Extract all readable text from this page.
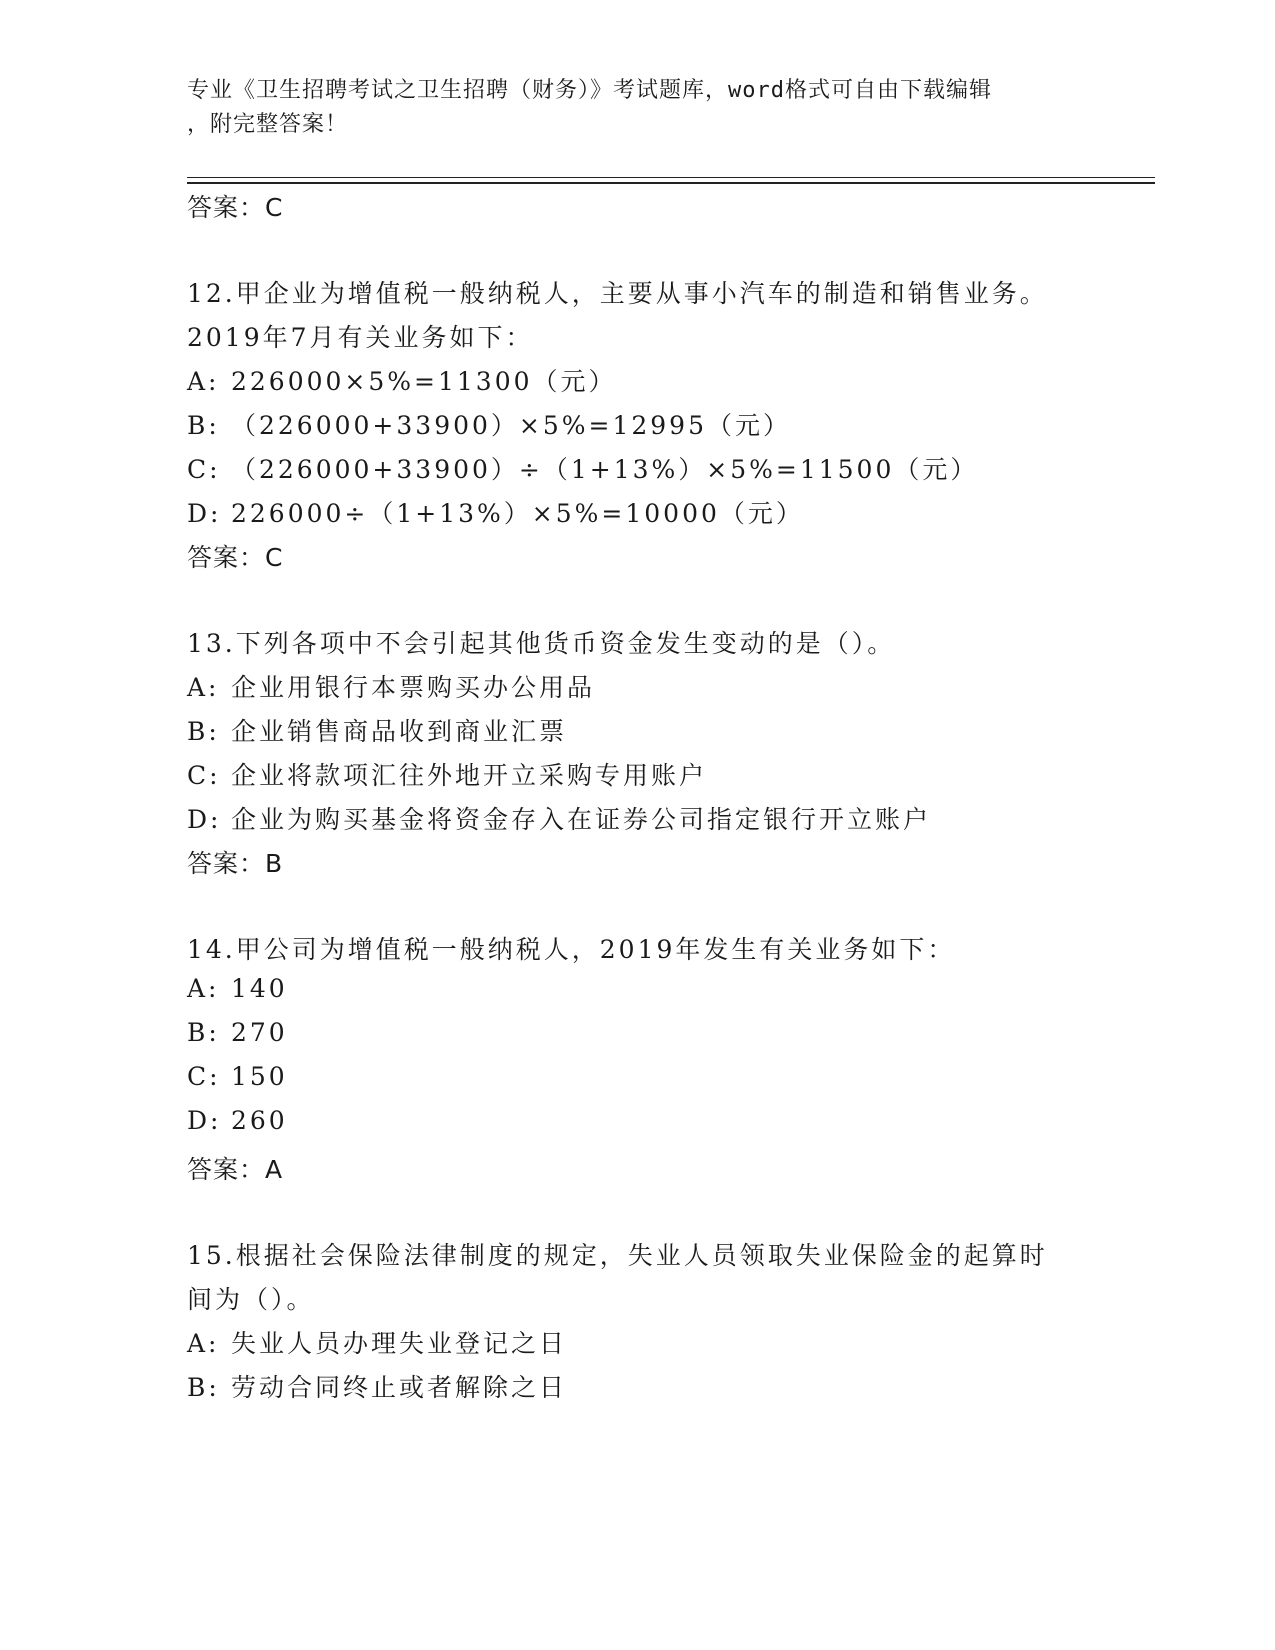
专业《卫生招聘考试之卫生招聘（财务）》考试题库，word格式可自由下载编辑
，附完整答案！
答案：C
12.甲企业为增值税一般纳税人，主要从事小汽车的制造和销售业务。
2019年7月有关业务如下：
A: 226000×5%=11300（元）
B: （226000+33900）×5%=12995（元）
C: （226000+33900）÷（1+13%）×5%=11500（元）
D: 226000÷（1+13%）×5%=10000（元）
答案：C
13.下列各项中不会引起其他货币资金发生变动的是（）。
A: 企业用银行本票购买办公用品
B: 企业销售商品收到商业汇票
C: 企业将款项汇往外地开立采购专用账户
D: 企业为购买基金将资金存入在证券公司指定银行开立账户
答案：B
14.甲公司为增值税一般纳税人，2019年发生有关业务如下：
A: 140
B: 270
C: 150
D: 260
答案：A
15.根据社会保险法律制度的规定，失业人员领取失业保险金的起算时
间为（）。
A: 失业人员办理失业登记之日
B: 劳动合同终止或者解除之日
